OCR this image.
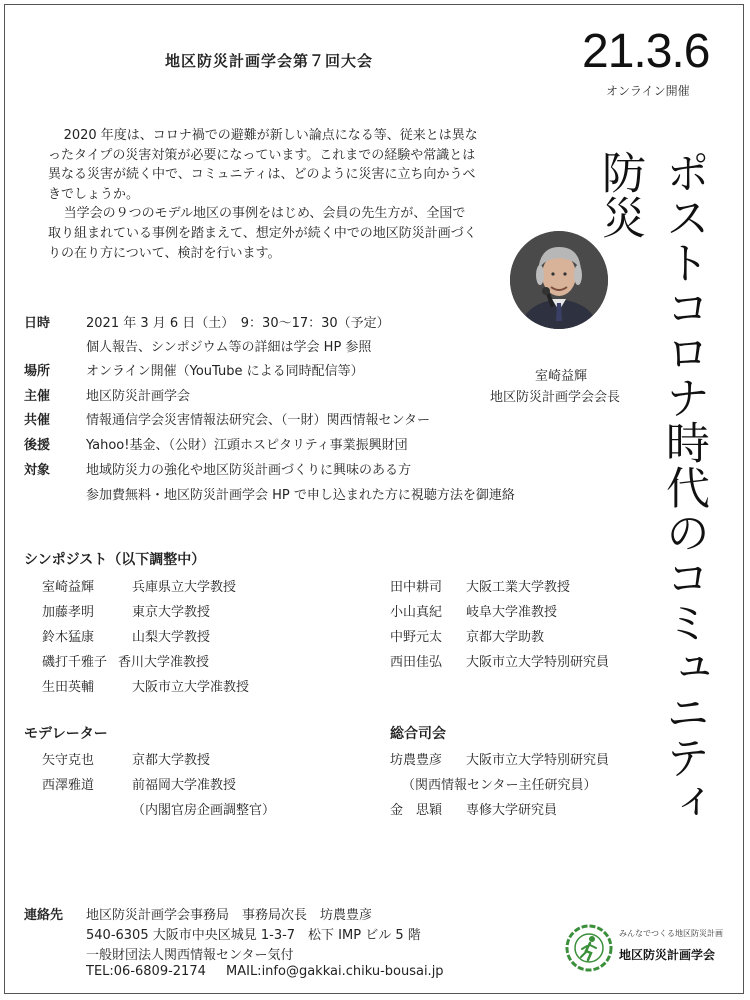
地区防災計画学会第７回大会	21.3.6
オンライン開催
ポストコロナ時代のコミュニティ防災

2020 年度は、コロナ禍での避難が新しい論点になる等、従来とは異なったタイプの災害対策が必要になっています。これまでの経験や常識とは異なる災害が続く中で、コミュニティは、どのように災害に立ち向かうべきでしょうか。

当学会の９つのモデル地区の事例をはじめ、会員の先生方が、全国で取り組まれている事例を踏まえて、想定外が続く中での地区防災計画づくりの在り方について、検討を行います。

室崎益輝
地区防災計画学会会長
日時	2021 年 3 月 6 日（土）　9：30〜17：30（予定）
個人報告、シンポジウム等の詳細は学会 HP 参照
場所	オンライン開催（YouTube による同時配信等）
主催	地区防災計画学会
共催	情報通信学会災害情報法研究会、（一財）関西情報センター
後援	Yahoo!基金、（公財）江頭ホスピタリティ事業振興財団
対象	地域防災力の強化や地区防災計画づくりに興味のある方
参加費無料・地区防災計画学会 HP で申し込まれた方に視聴方法を御連絡
シンポジスト（以下調整中）
室崎益輝	兵庫県立大学教授
加藤孝明	東京大学教授
鈴木猛康	山梨大学教授
磯打千雅子 香川大学准教授
生田英輔	大阪市立大学准教授
田中耕司 大阪工業大学教授
小山真紀 岐阜大学准教授
中野元太 京都大学助教
西田佳弘 大阪市立大学特別研究員
モデレーター
矢守克也	京都大学教授
西澤雅道	前福岡大学准教授
（内閣官房企画調整官）
総合司会
坊農豊彦 大阪市立大学特別研究員
（関西情報センター主任研究員）
金　思穎 専修大学研究員
連絡先 地区防災計画学会事務局　事務局次長　坊農豊彦
540-6305 大阪市中央区城見 1-3-7　松下 IMP ビル 5 階
一般財団法人関西情報センター気付
TEL:06-6809-2174 MAIL:info@gakkai.chiku-bousai.jp
みんなでつくる地区防災計画
地区防災計画学会
